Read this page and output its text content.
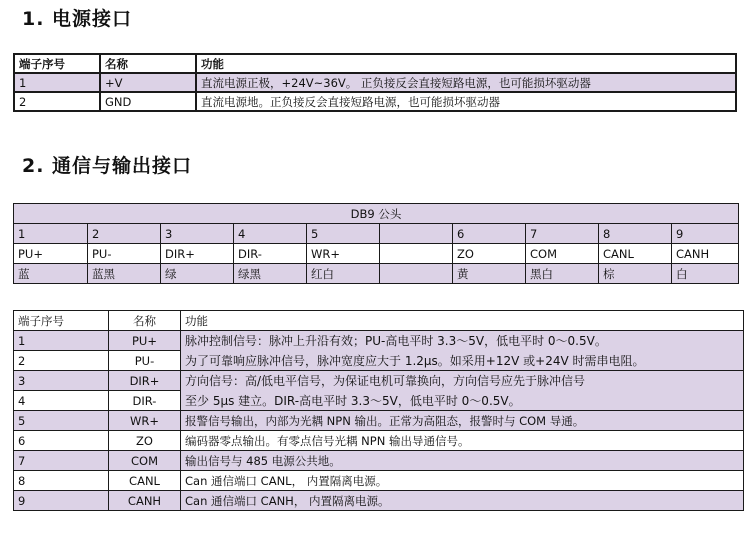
1. 电源接口
端子序号	名称	功能
1	+V	直流电源正极，+24V~36V。 正负接反会直接短路电源，也可能损坏驱动器
2	GND	直流电源地。正负接反会直接短路电源，也可能损坏驱动器
2. 通信与输出接口
DB9 公头									
1	2	3	4	5		6	7	8	9
PU+	PU-	DIR+	DIR-	WR+		ZO	COM	CANL	CANH
蓝	蓝黑	绿	绿黑	红白		黄	黑白	棕	白
端子序号	名称	功能
1	PU+	脉冲控制信号：脉冲上升沿有效；PU-高电平时 3.3～5V，低电平时 0～0.5V。
2	PU-	为了可靠响应脉冲信号，脉冲宽度应大于 1.2μs。如采用+12V 或+24V 时需串电阻。
3	DIR+	方向信号：高/低电平信号，为保证电机可靠换向，方向信号应先于脉冲信号
4	DIR-	至少 5μs 建立。DIR-高电平时 3.3～5V，低电平时 0～0.5V。
5	WR+	报警信号输出，内部为光耦 NPN 输出。正常为高阻态，报警时与 COM 导通。
6	ZO	编码器零点输出。有零点信号光耦 NPN 输出导通信号。
7	COM	输出信号与 485 电源公共地。
8	CANL	Can 通信端口 CANL， 内置隔离电源。
9	CANH	Can 通信端口 CANH， 内置隔离电源。
